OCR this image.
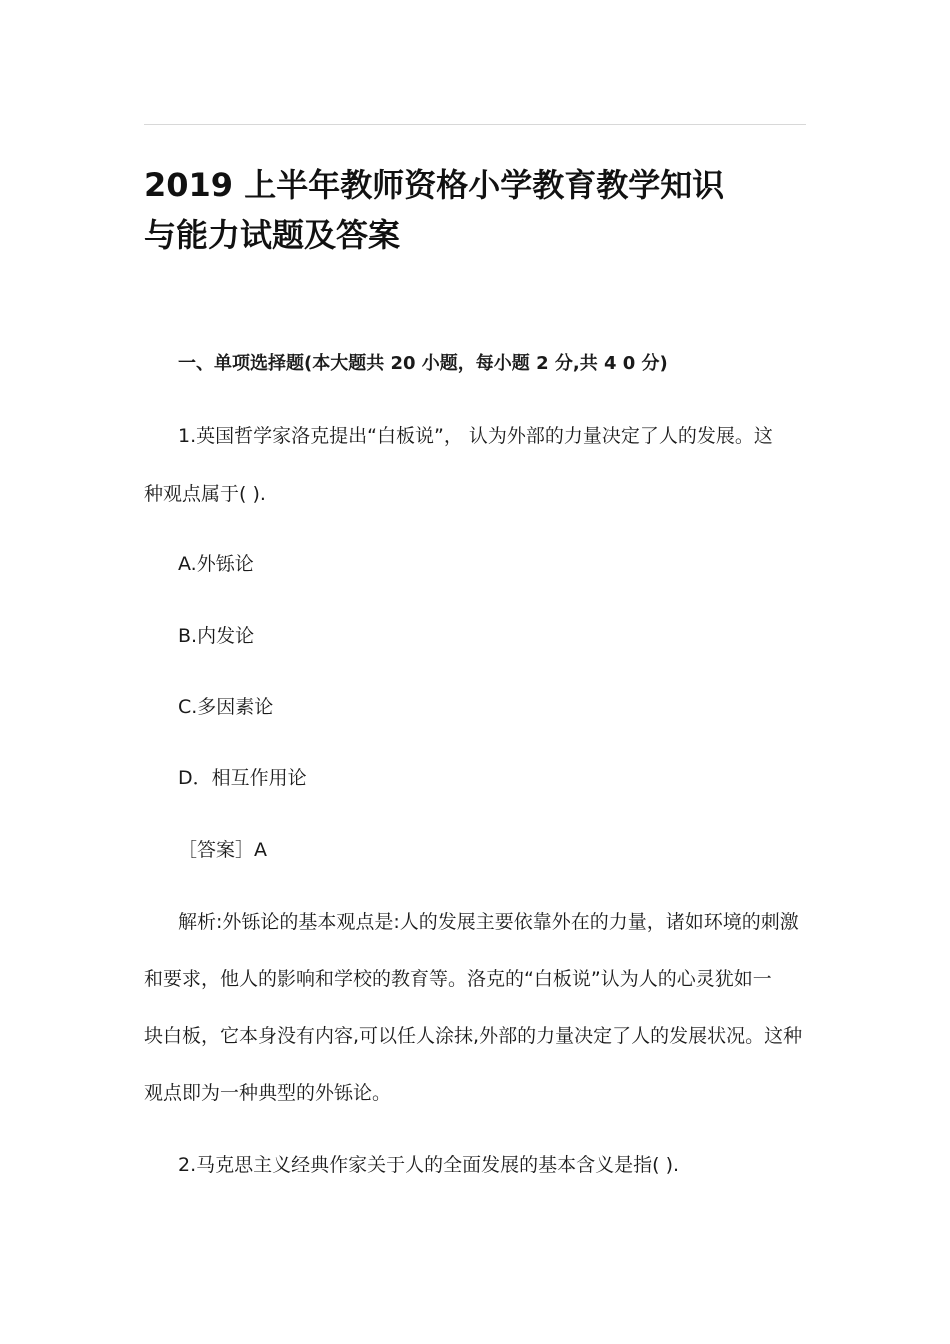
2019 上半年教师资格小学教育教学知识
与能力试题及答案

一、单项选择题(本大题共 20 小题，每小题 2 分,共 4 0 分)

1.英国哲学家洛克提出“白板说”， 认为外部的力量决定了人的发展。这

种观点属于( ).

A.外铄论

B.内发论

C.多因素论

D．相互作用论

［答案］A

解析:外铄论的基本观点是:人的发展主要依靠外在的力量，诸如环境的刺激

和要求，他人的影响和学校的教育等。洛克的“白板说”认为人的心灵犹如一

块白板，它本身没有内容,可以任人涂抹,外部的力量决定了人的发展状况。这种

观点即为一种典型的外铄论。

2.马克思主义经典作家关于人的全面发展的基本含义是指( ).
